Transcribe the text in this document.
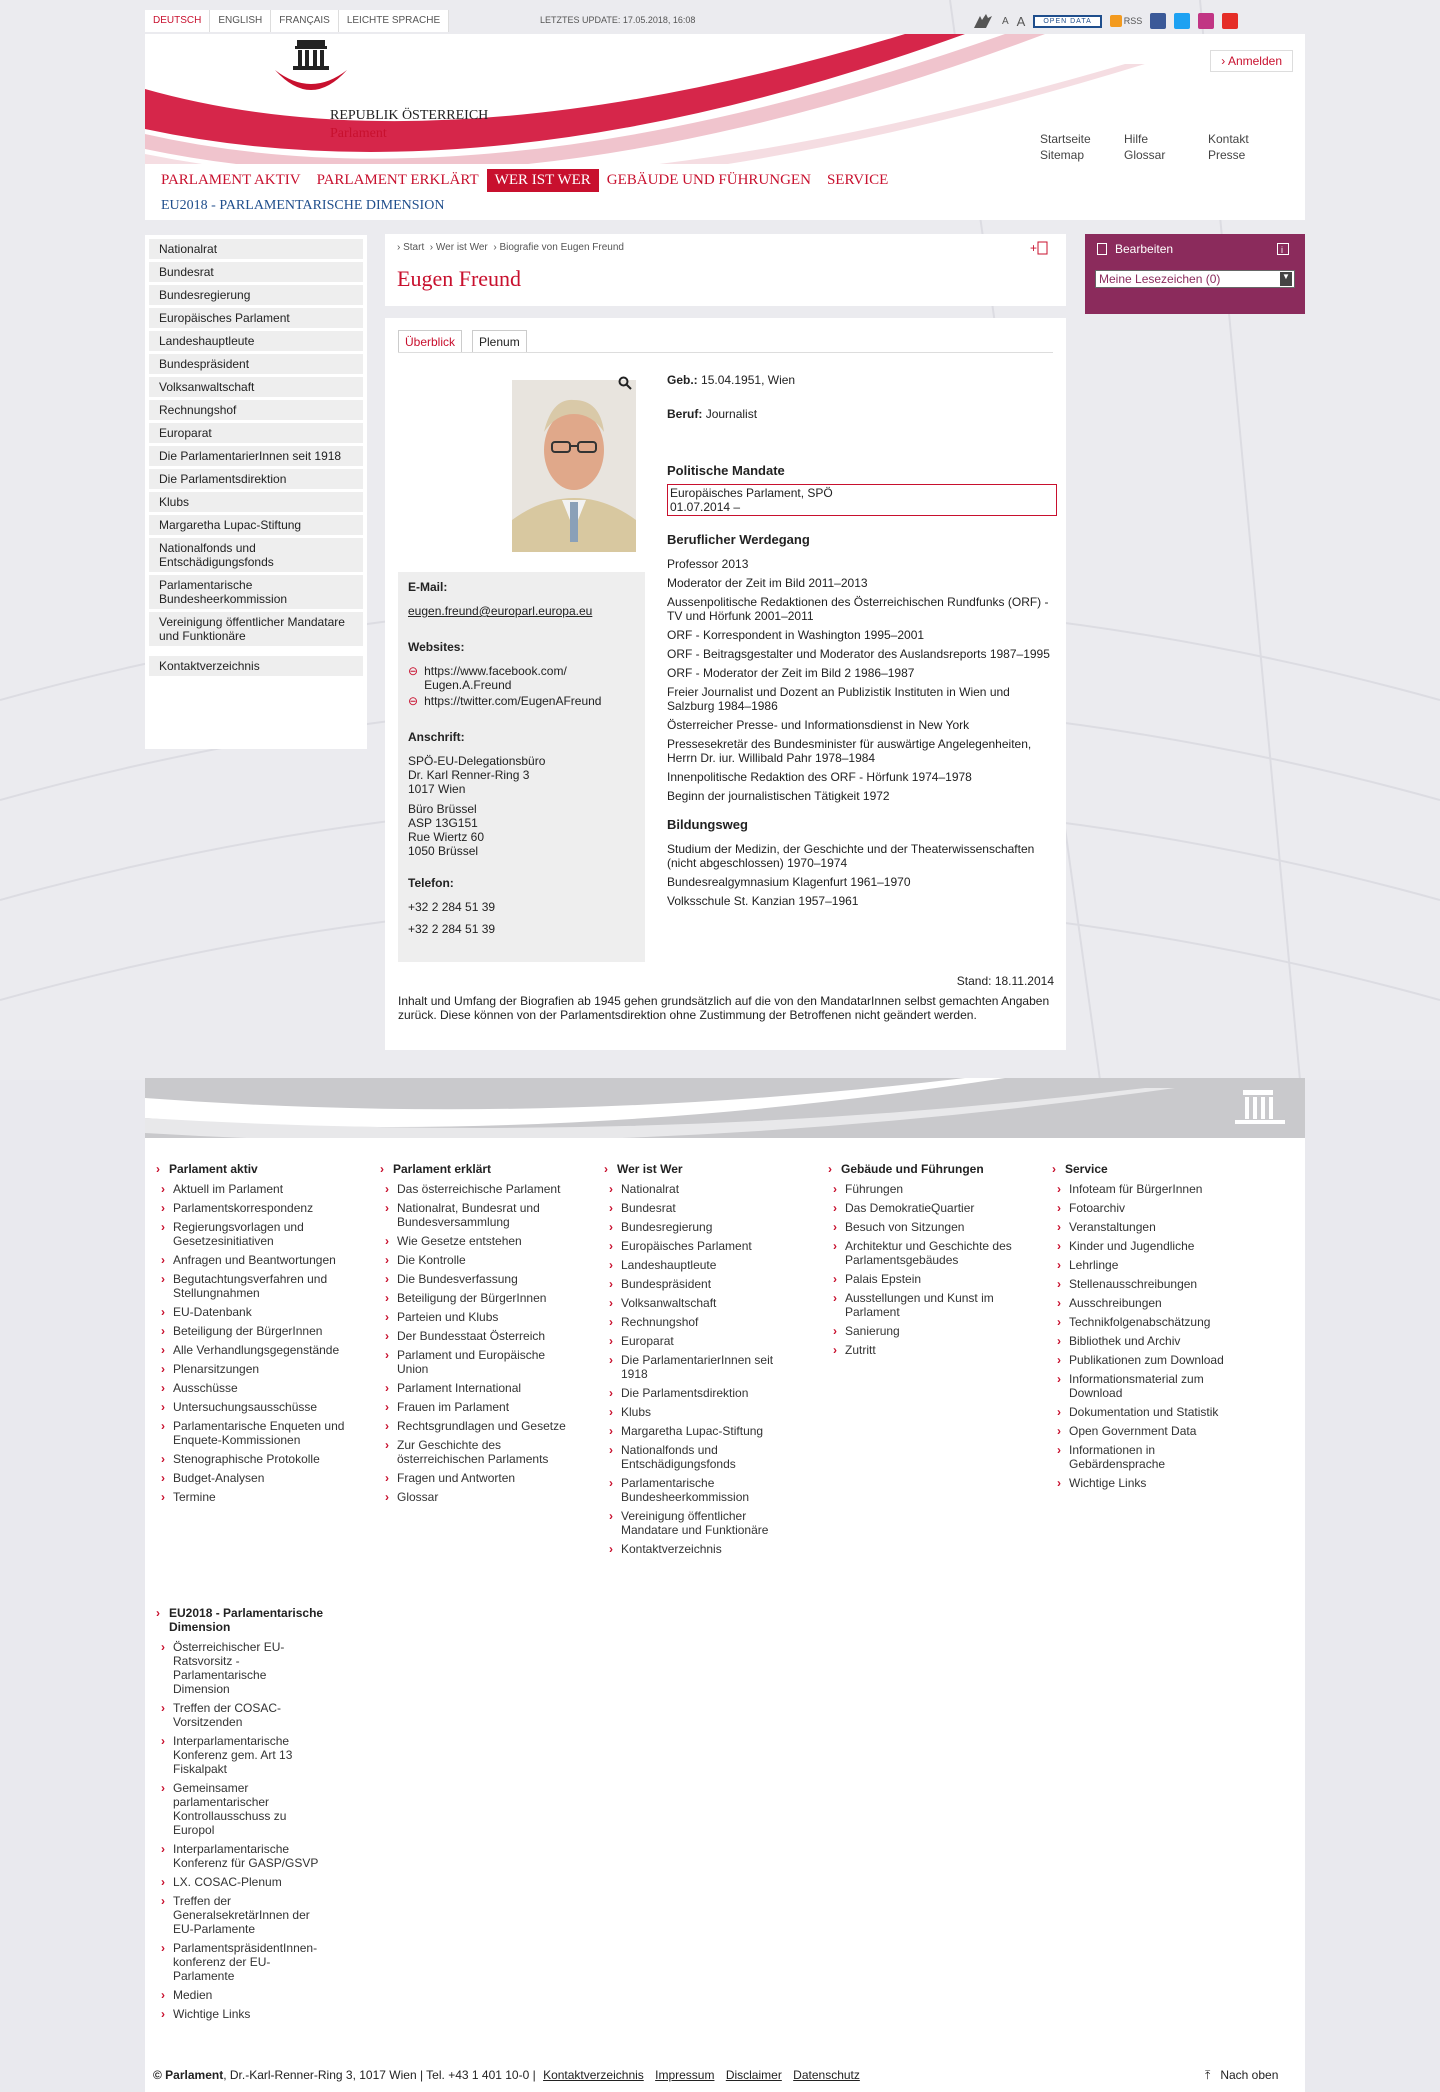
DEUTSCH	ENGLISH	FRANÇAIS	LEICHTE SPRACHE	LETZTES UPDATE: 17.05.2018, 16:08	A A	OPEN DATA	RSS
REPUBLIK ÖSTERREICH
Parlament
› Anmelden
Startseite	Hilfe	Kontakt
Sitemap	Glossar	Presse
PARLAMENT AKTIV	PARLAMENT ERKLÄRT	WER IST WER	GEBÄUDE UND FÜHRUNGEN	SERVICE
EU2018 - PARLAMENTARISCHE DIMENSION
Nationalrat
Bundesrat
Bundesregierung
Europäisches Parlament
Landeshauptleute
Bundespräsident
Volksanwaltschaft
Rechnungshof
Europarat
Die ParlamentarierInnen seit 1918
Die Parlamentsdirektion
Klubs
Margaretha Lupac-Stiftung
Nationalfonds und Entschädigungsfonds
Parlamentarische Bundesheerkommission
Vereinigung öffentlicher Mandatare und Funktionäre
Kontaktverzeichnis
› Start › Wer ist Wer › Biografie von Eugen Freund	+
Eugen Freund
Überblick	Plenum
E-Mail:
eugen.freund@europarl.europa.eu
Websites:
⊖ https://www.facebook.com/
Eugen.A.Freund
⊖ https://twitter.com/EugenAFreund
Anschrift:
SPÖ-EU-Delegationsbüro
Dr. Karl Renner-Ring 3
1017 Wien
Büro Brüssel
ASP 13G151
Rue Wiertz 60
1050 Brüssel
Telefon:
+32 2 284 51 39
+32 2 284 51 39
Geb.: 15.04.1951, Wien
Beruf: Journalist
Politische Mandate
Europäisches Parlament, SPÖ
01.07.2014 –
Beruflicher Werdegang
Professor 2013
Moderator der Zeit im Bild 2011–2013
Aussenpolitische Redaktionen des Österreichischen Rundfunks (ORF) - TV und Hörfunk 2001–2011
ORF - Korrespondent in Washington 1995–2001
ORF - Beitragsgestalter und Moderator des Auslandsreports 1987–1995
ORF - Moderator der Zeit im Bild 2 1986–1987
Freier Journalist und Dozent an Publizistik Instituten in Wien und Salzburg 1984–1986
Österreicher Presse- und Informationsdienst in New York
Pressesekretär des Bundesminister für auswärtige Angelegenheiten, Herrn Dr. iur. Willibald Pahr 1978–1984
Innenpolitische Redaktion des ORF - Hörfunk 1974–1978
Beginn der journalistischen Tätigkeit 1972
Bildungsweg
Studium der Medizin, der Geschichte und der Theaterwissenschaften (nicht abgeschlossen) 1970–1974
Bundesrealgymnasium Klagenfurt 1961–1970
Volksschule St. Kanzian 1957–1961
Stand: 18.11.2014
Inhalt und Umfang der Biografien ab 1945 gehen grundsätzlich auf die von den MandatarInnen selbst gemachten Angaben zurück. Diese können von der Parlamentsdirektion ohne Zustimmung der Betroffenen nicht geändert werden.
Bearbeiten	i
Meine Lesezeichen (0)	▼
› Parlament aktiv
› Aktuell im Parlament
› Parlamentskorrespondenz
› Regierungsvorlagen und Gesetzesinitiativen
› Anfragen und Beantwortungen
› Begutachtungsverfahren und Stellungnahmen
› EU-Datenbank
› Beteiligung der BürgerInnen
› Alle Verhandlungsgegenstände
› Plenarsitzungen
› Ausschüsse
› Untersuchungsausschüsse
› Parlamentarische Enqueten und Enquete-Kommissionen
› Stenographische Protokolle
› Budget-Analysen
› Termine
› Parlament erklärt
› Das österreichische Parlament
› Nationalrat, Bundesrat und Bundesversammlung
› Wie Gesetze entstehen
› Die Kontrolle
› Die Bundesverfassung
› Beteiligung der BürgerInnen
› Parteien und Klubs
› Der Bundesstaat Österreich
› Parlament und Europäische Union
› Parlament International
› Frauen im Parlament
› Rechtsgrundlagen und Gesetze
› Zur Geschichte des österreichischen Parlaments
› Fragen und Antworten
› Glossar
› Wer ist Wer
› Nationalrat
› Bundesrat
› Bundesregierung
› Europäisches Parlament
› Landeshauptleute
› Bundespräsident
› Volksanwaltschaft
› Rechnungshof
› Europarat
› Die ParlamentarierInnen seit 1918
› Die Parlamentsdirektion
› Klubs
› Margaretha Lupac-Stiftung
› Nationalfonds und Entschädigungsfonds
› Parlamentarische Bundesheerkommission
› Vereinigung öffentlicher Mandatare und Funktionäre
› Kontaktverzeichnis
› Gebäude und Führungen
› Führungen
› Das DemokratieQuartier
› Besuch von Sitzungen
› Architektur und Geschichte des Parlamentsgebäudes
› Palais Epstein
› Ausstellungen und Kunst im Parlament
› Sanierung
› Zutritt
› Service
› Infoteam für BürgerInnen
› Fotoarchiv
› Veranstaltungen
› Kinder und Jugendliche
› Lehrlinge
› Stellenausschreibungen
› Ausschreibungen
› Technikfolgenabschätzung
› Bibliothek und Archiv
› Publikationen zum Download
› Informationsmaterial zum Download
› Dokumentation und Statistik
› Open Government Data
› Informationen in Gebärdensprache
› Wichtige Links
› EU2018 - Parlamentarische Dimension
› Österreichischer EU-Ratsvorsitz - Parlamentarische Dimension
› Treffen der COSAC-Vorsitzenden
› Interparlamentarische Konferenz gem. Art 13 Fiskalpakt
› Gemeinsamer parlamentarischer Kontrollausschuss zu Europol
› Interparlamentarische Konferenz für GASP/GSVP
› LX. COSAC-Plenum
› Treffen der GeneralsekretärInnen der EU-Parlamente
› ParlamentspräsidentInnen-konferenz der EU-Parlamente
› Medien
› Wichtige Links
© Parlament, Dr.-Karl-Renner-Ring 3, 1017 Wien | Tel. +43 1 401 10-0 | Kontaktverzeichnis Impressum Disclaimer Datenschutz	⤒ Nach oben
